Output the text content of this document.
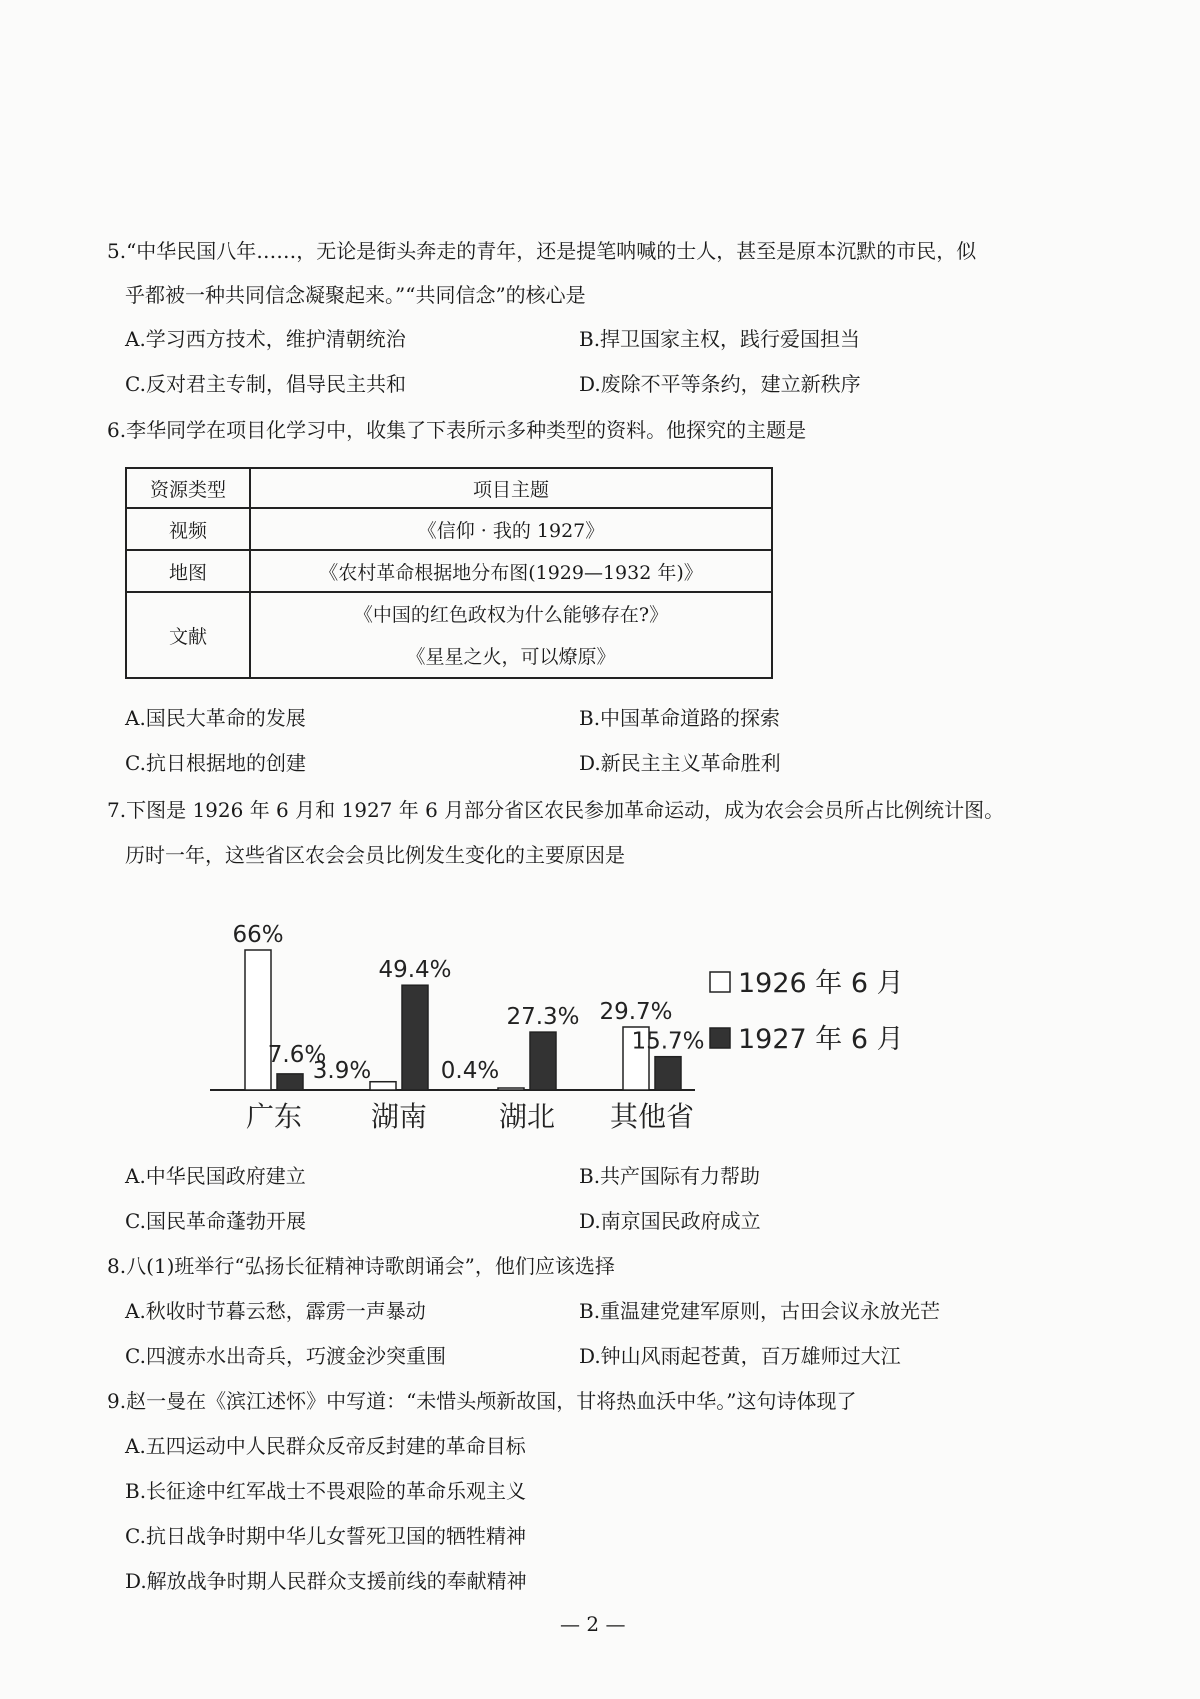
5.“中华民国八年……，无论是街头奔走的青年，还是提笔呐喊的士人，甚至是原本沉默的市民，似
乎都被一种共同信念凝聚起来。”“共同信念”的核心是
A.学习西方技术，维护清朝统治	B.捍卫国家主权，践行爱国担当
C.反对君主专制，倡导民主共和	D.废除不平等条约，建立新秩序
6.李华同学在项目化学习中，收集了下表所示多种类型的资料。他探究的主题是
资源类型	项目主题
视频	《信仰 · 我的 1927》
地图	《农村革命根据地分布图(1929—1932 年)》
文献	《中国的红色政权为什么能够存在?》
	《星星之火，可以燎原》
A.国民大革命的发展	B.中国革命道路的探索
C.抗日根据地的创建	D.新民主主义革命胜利
7.下图是 1926 年 6 月和 1927 年 6 月部分省区农民参加革命运动，成为农会会员所占比例统计图。
历时一年，这些省区农会会员比例发生变化的主要原因是
66%
7.6%
广东
3.9%
49.4%
湖南
0.4%
27.3%
湖北
29.7%
15.7%
其他省
1926 年 6 月
1927 年 6 月
A.中华民国政府建立	B.共产国际有力帮助
C.国民革命蓬勃开展	D.南京国民政府成立
8.八(1)班举行“弘扬长征精神诗歌朗诵会”，他们应该选择
A.秋收时节暮云愁，霹雳一声暴动	B.重温建党建军原则，古田会议永放光芒
C.四渡赤水出奇兵，巧渡金沙突重围	D.钟山风雨起苍黄，百万雄师过大江
9.赵一曼在《滨江述怀》中写道：“未惜头颅新故国，甘将热血沃中华。”这句诗体现了
A.五四运动中人民群众反帝反封建的革命目标
B.长征途中红军战士不畏艰险的革命乐观主义
C.抗日战争时期中华儿女誓死卫国的牺牲精神
D.解放战争时期人民群众支援前线的奉献精神
— 2 —
